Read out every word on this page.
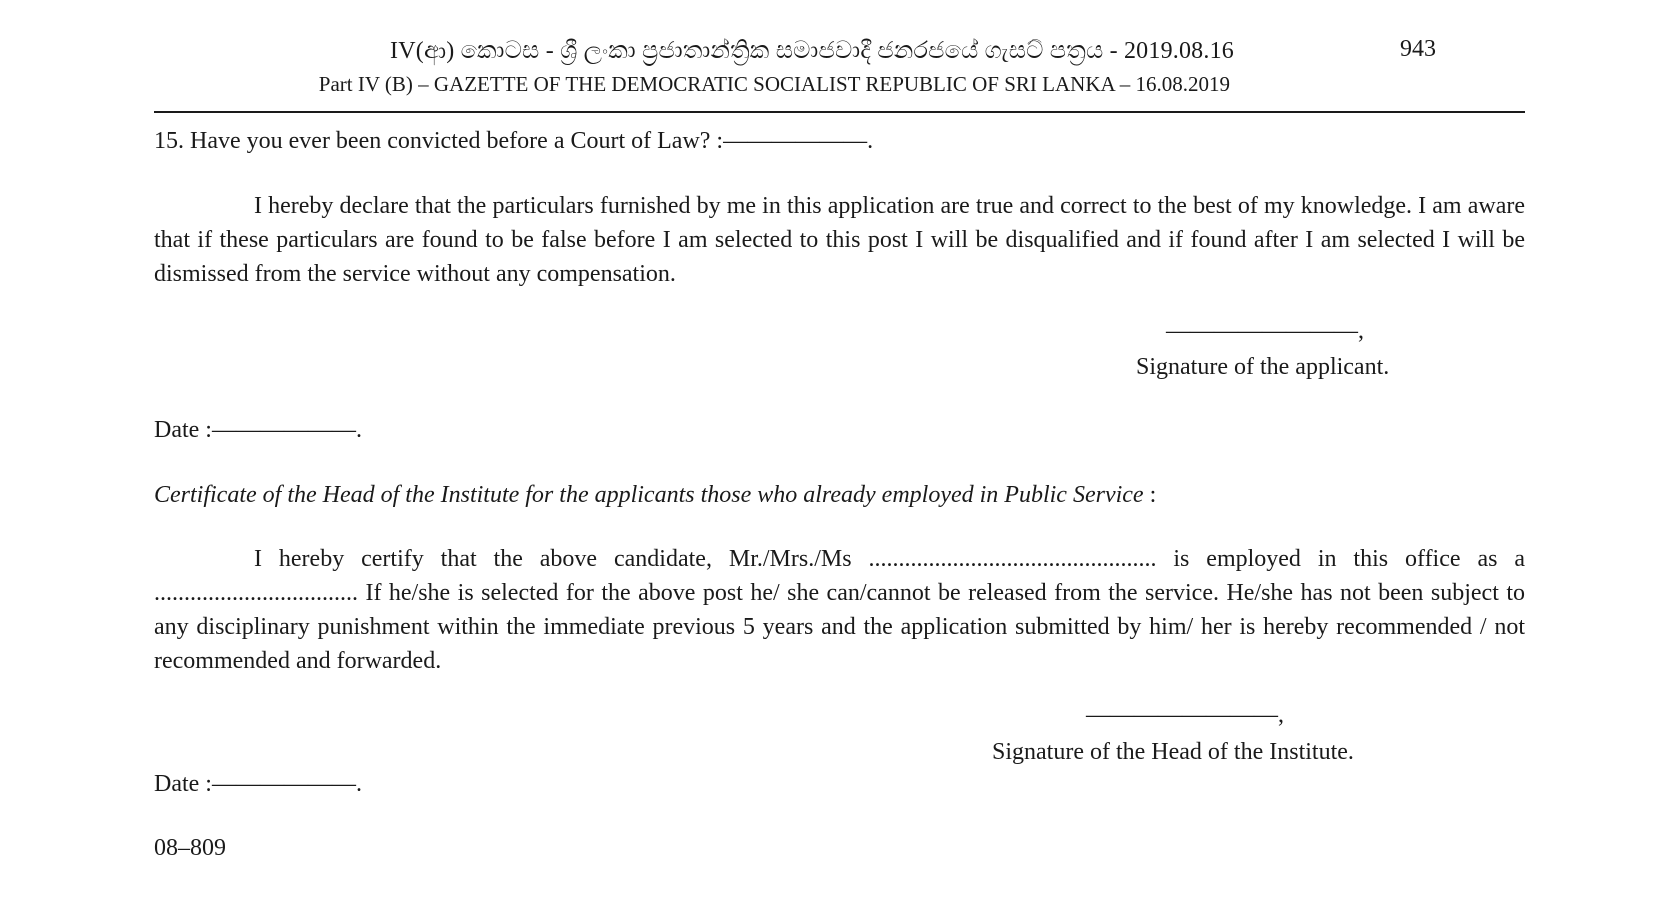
IV(ආ) කොටස - ශ්‍රී ලංකා ප්‍රජාතාන්ත්‍රික සමාජවාදී ජනරජයේ ගැසට් පත්‍රය - 2019.08.16
Part IV (B) – GAZETTE OF THE DEMOCRATIC SOCIALIST REPUBLIC OF SRI LANKA – 16.08.2019
943
15. Have you ever been convicted before a Court of Law? :——————.
I hereby declare that the particulars furnished by me in this application are true and correct to the best of my knowledge. I am aware that if these particulars are found to be false before I am selected to this post I will be disqualified and if found after I am selected I will be dismissed from the service without any compensation.
————————,
Signature of the applicant.
Date :——————.
Certificate of the Head of the Institute for the applicants those who already employed in Public Service :
I hereby certify that the above candidate, Mr./Mrs./Ms ................................................ is employed in this office as a .................................. If he/she is selected for the above post he/ she can/cannot be released from the service. He/she has not been subject to any disciplinary punishment within the immediate previous 5 years and the application submitted by him/ her is hereby recommended / not recommended and forwarded.
————————,
Signature of the Head of the Institute.
Date :——————.
08–809
